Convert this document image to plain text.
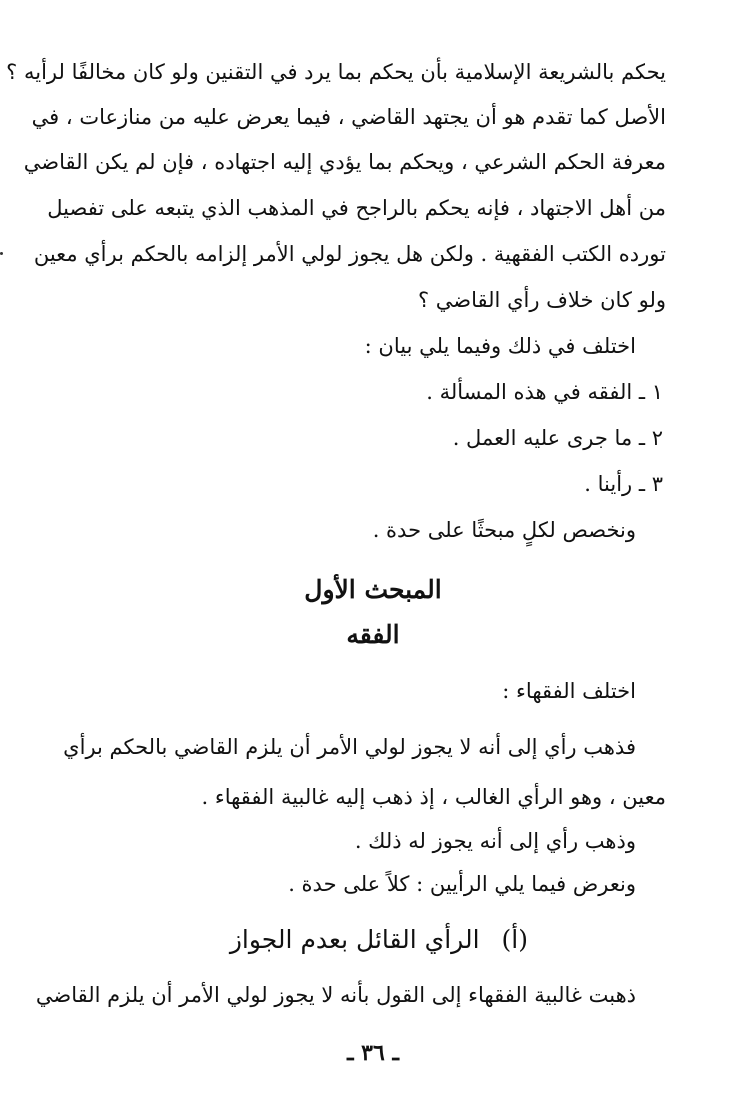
يحكم بالشريعة الإسلامية بأن يحكم بما يرد في التقنين ولو كان مخالفًا لرأيه ؟
الأصل كما تقدم هو أن يجتهد القاضي ، فيما يعرض عليه من منازعات ، في
معرفة الحكم الشرعي ، ويحكم بما يؤدي إليه اجتهاده ، فإن لم يكن القاضي
من أهل الاجتهاد ، فإنه يحكم بالراجح في المذهب الذي يتبعه على تفصيل
تورده الكتب الفقهية . ولكن هل يجوز لولي الأمر إلزامه بالحكم برأي معين
ولو كان خلاف رأي القاضي ؟
اختلف في ذلك وفيما يلي بيان :
١ ـ الفقه في هذه المسألة .
٢ ـ ما جرى عليه العمل .
٣ ـ رأينا .
ونخصص لكلٍ مبحثًا على حدة .
المبحث الأول
الفقه
اختلف الفقهاء :
فذهب رأي إلى أنه لا يجوز لولي الأمر أن يلزم القاضي بالحكم برأي
معين ، وهو الرأي الغالب ، إذ ذهب إليه غالبية الفقهاء .
وذهب رأي إلى أنه يجوز له ذلك .
ونعرض فيما يلي الرأيين : كلاً على حدة .
(أ)الرأي القائل بعدم الجواز
ذهبت غالبية الفقهاء إلى القول بأنه لا يجوز لولي الأمر أن يلزم القاضي
ـ ٣٦ ـ
